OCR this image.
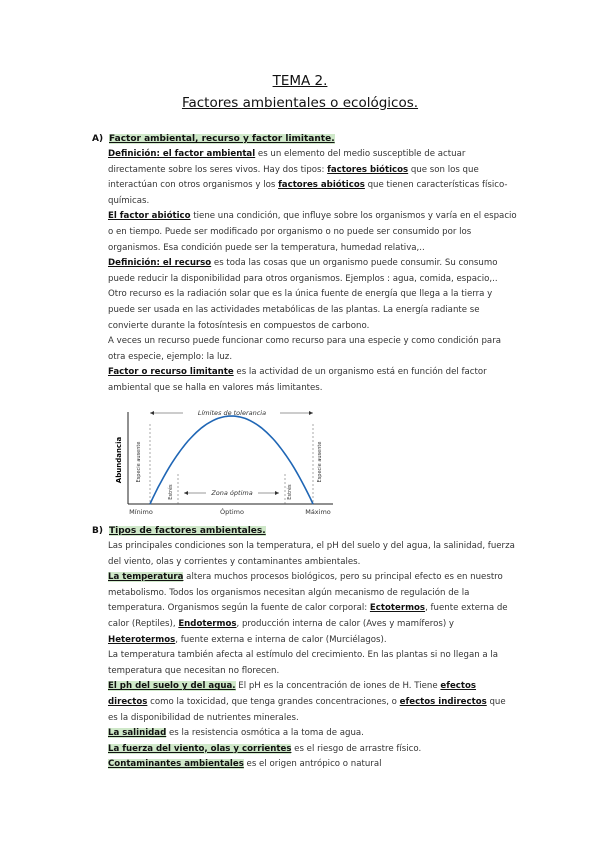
TEMA 2.
Factores ambientales o ecológicos.
A) Factor ambiental, recurso y factor limitante.

Definición: el factor ambiental es un elemento del medio susceptible de actuar directamente sobre los seres vivos. Hay dos tipos: factores bióticos que son los que interactúan con otros organismos y los factores abióticos que tienen características físico-químicas.

El factor abiótico tiene una condición, que influye sobre los organismos y varía en el espacio o en tiempo. Puede ser modificado por organismo o no puede ser consumido por los organismos. Esa condición puede ser la temperatura, humedad relativa,..

Definición: el recurso es toda las cosas que un organismo puede consumir. Su consumo puede reducir la disponibilidad para otros organismos. Ejemplos : agua, comida, espacio,.. Otro recurso es la radiación solar que es la única fuente de energía que llega a la tierra y puede ser usada en las actividades metabólicas de las plantas. La energía radiante se convierte durante la fotosíntesis en compuestos de carbono.

A veces un recurso puede funcionar como recurso para una especie y como condición para otra especie, ejemplo: la luz.

Factor o recurso limitante es la actividad de un organismo está en función del factor ambiental que se halla en valores más limitantes.

Abundancia
Límites de tolerancia
Especie ausente	Especie ausente
Estrés	Estrés
Zona óptima
Mínimo	Óptimo	Máximo
B) Tipos de factores ambientales.

Las principales condiciones son la temperatura, el pH del suelo y del agua, la salinidad, fuerza del viento, olas y corrientes y contaminantes ambientales.

La temperatura altera muchos procesos biológicos, pero su principal efecto es en nuestro metabolismo. Todos los organismos necesitan algún mecanismo de regulación de la temperatura. Organismos según la fuente de calor corporal: Ectotermos, fuente externa de calor (Reptiles), Endotermos, producción interna de calor (Aves y mamíferos) y Heterotermos, fuente externa e interna de calor (Murciélagos).

La temperatura también afecta al estímulo del crecimiento. En las plantas si no llegan a la temperatura que necesitan no florecen.

El ph del suelo y del agua. El pH es la concentración de iones de H. Tiene efectos directos como la toxicidad, que tenga grandes concentraciones, o efectos indirectos que es la disponibilidad de nutrientes minerales.

La salinidad es la resistencia osmótica a la toma de agua.

La fuerza del viento, olas y corrientes es el riesgo de arrastre físico.

Contaminantes ambientales es el origen antrópico o natural
